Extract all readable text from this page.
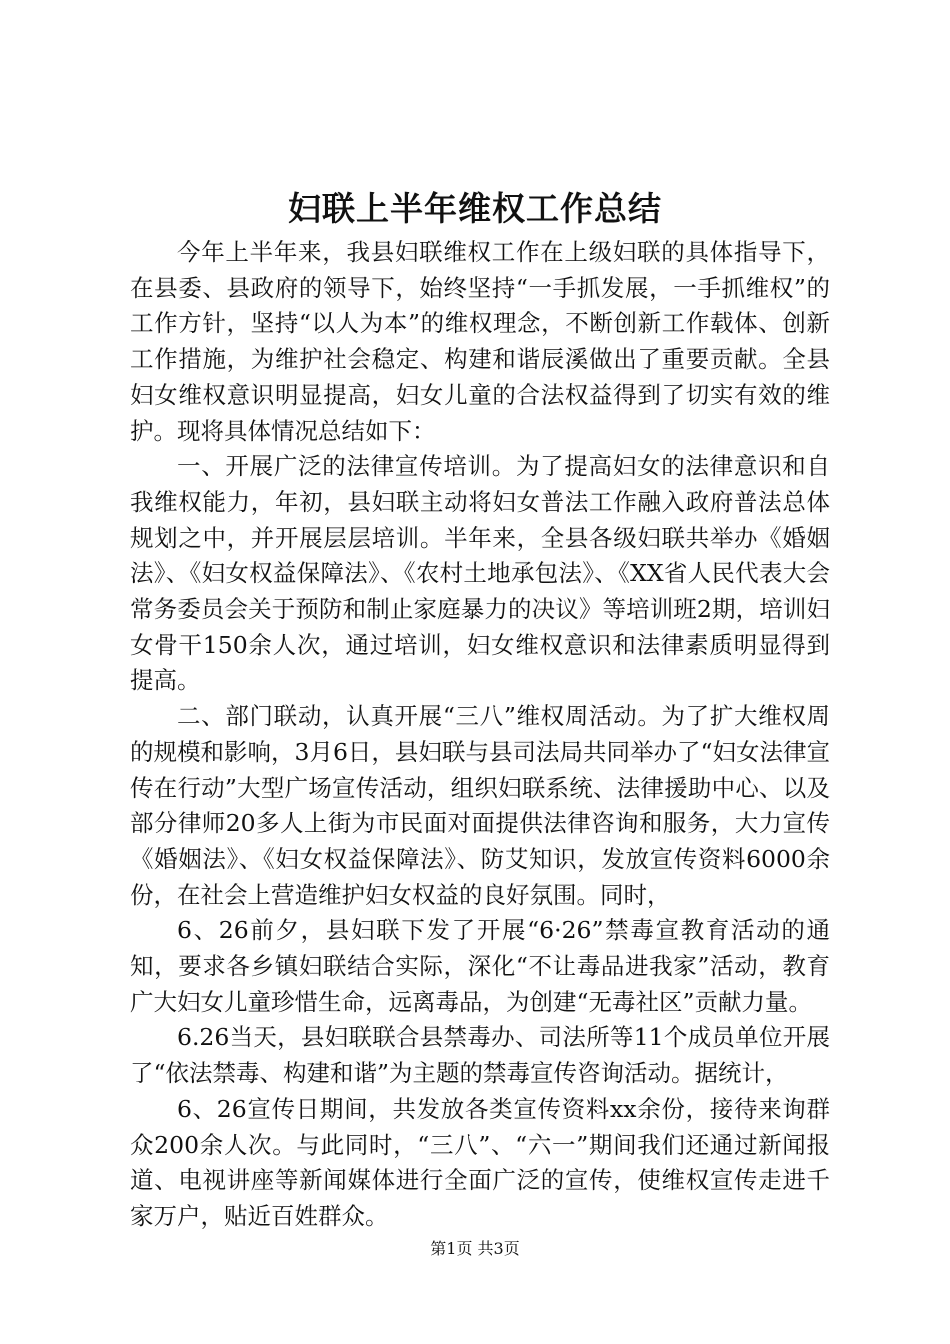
妇联上半年维权工作总结

今年上半年来，我县妇联维权工作在上级妇联的具体指导下，在县委、县政府的领导下，始终坚持“一手抓发展，一手抓维权”的工作方针，坚持“以人为本”的维权理念，不断创新工作载体、创新工作措施，为维护社会稳定、构建和谐辰溪做出了重要贡献。全县妇女维权意识明显提高，妇女儿童的合法权益得到了切实有效的维护。现将具体情况总结如下：

一、开展广泛的法律宣传培训。为了提高妇女的法律意识和自我维权能力，年初，县妇联主动将妇女普法工作融入政府普法总体规划之中，并开展层层培训。半年来，全县各级妇联共举办《婚姻法》、《妇女权益保障法》、《农村土地承包法》、《XX省人民代表大会常务委员会关于预防和制止家庭暴力的决议》等培训班2期，培训妇女骨干150余人次，通过培训，妇女维权意识和法律素质明显得到提高。

二、部门联动，认真开展“三八”维权周活动。为了扩大维权周的规模和影响，3月6日，县妇联与县司法局共同举办了“妇女法律宣传在行动”大型广场宣传活动，组织妇联系统、法律援助中心、以及部分律师20多人上街为市民面对面提供法律咨询和服务，大力宣传《婚姻法》、《妇女权益保障法》、防艾知识，发放宣传资料6000余份，在社会上营造维护妇女权益的良好氛围。同时，

6、26前夕，县妇联下发了开展“6·26”禁毒宣教育活动的通知，要求各乡镇妇联结合实际，深化“不让毒品进我家”活动，教育广大妇女儿童珍惜生命，远离毒品，为创建“无毒社区”贡献力量。

6.26当天，县妇联联合县禁毒办、司法所等11个成员单位开展了“依法禁毒、构建和谐”为主题的禁毒宣传咨询活动。据统计，

6、26宣传日期间，共发放各类宣传资料xx余份，接待来询群众200余人次。与此同时，“三八”、“六一”期间我们还通过新闻报道、电视讲座等新闻媒体进行全面广泛的宣传，使维权宣传走进千家万户，贴近百姓群众。

第1页 共3页
